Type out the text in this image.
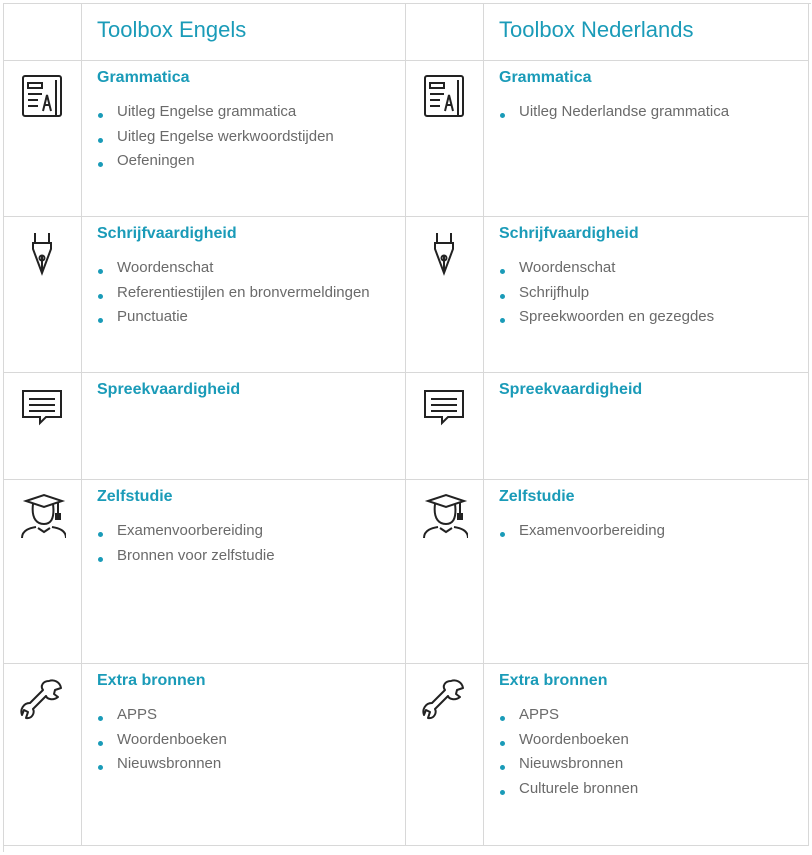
Toolbox Engels	Toolbox Nederlands
Grammatica
Uitleg Engelse grammatica
Uitleg Engelse werkwoordstijden
Oefeningen
Grammatica
Uitleg Nederlandse grammatica
Schrijfvaardigheid
Woordenschat
Referentiestijlen en bronvermeldingen
Punctuatie
Schrijfvaardigheid
Woordenschat
Schrijfhulp
Spreekwoorden en gezegdes
Spreekvaardigheid	Spreekvaardigheid
Zelfstudie
Examenvoorbereiding
Bronnen voor zelfstudie
Zelfstudie
Examenvoorbereiding
Extra bronnen
APPS
Woordenboeken
Nieuwsbronnen
Extra bronnen
APPS
Woordenboeken
Nieuwsbronnen
Culturele bronnen
